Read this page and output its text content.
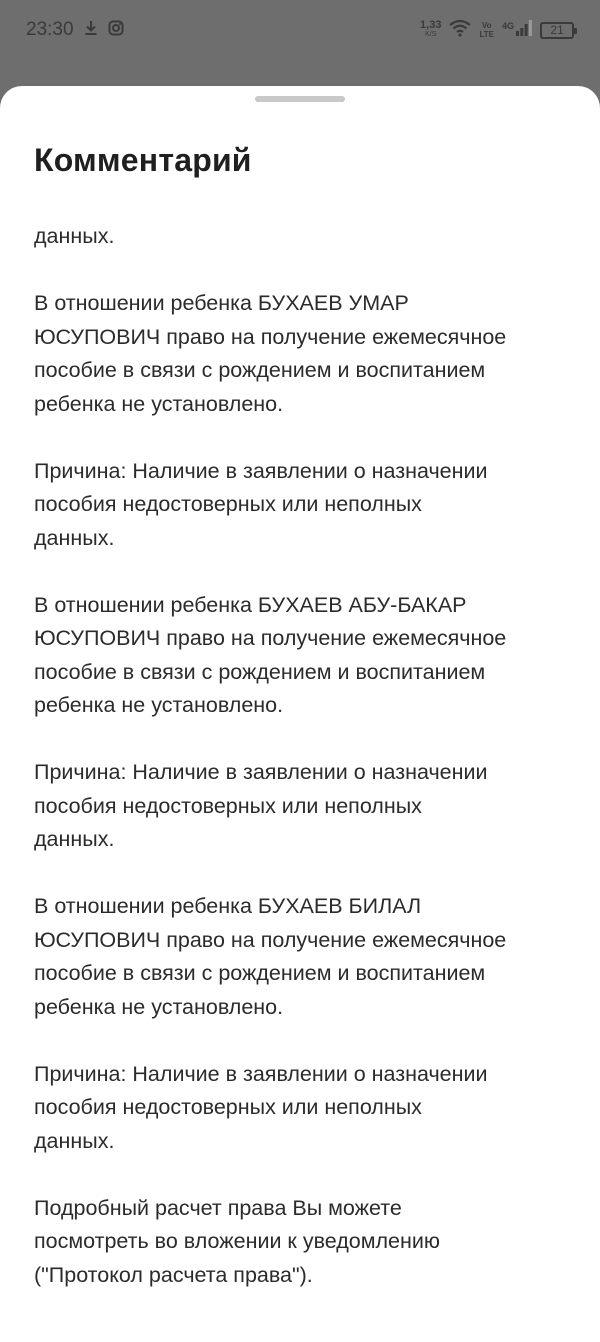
23:30	1,33
K/S
Vo
LTE
4G	21
Комментарий

данных.

В отношении ребенка БУХАЕВ УМАР
ЮСУПОВИЧ право на получение ежемесячное
пособие в связи с рождением и воспитанием
ребенка не установлено.

Причина: Наличие в заявлении о назначении
пособия недостоверных или неполных
данных.

В отношении ребенка БУХАЕВ АБУ-БАКАР
ЮСУПОВИЧ право на получение ежемесячное
пособие в связи с рождением и воспитанием
ребенка не установлено.

Причина: Наличие в заявлении о назначении
пособия недостоверных или неполных
данных.

В отношении ребенка БУХАЕВ БИЛАЛ
ЮСУПОВИЧ право на получение ежемесячное
пособие в связи с рождением и воспитанием
ребенка не установлено.

Причина: Наличие в заявлении о назначении
пособия недостоверных или неполных
данных.

Подробный расчет права Вы можете
посмотреть во вложении к уведомлению
("Протокол расчета права").
